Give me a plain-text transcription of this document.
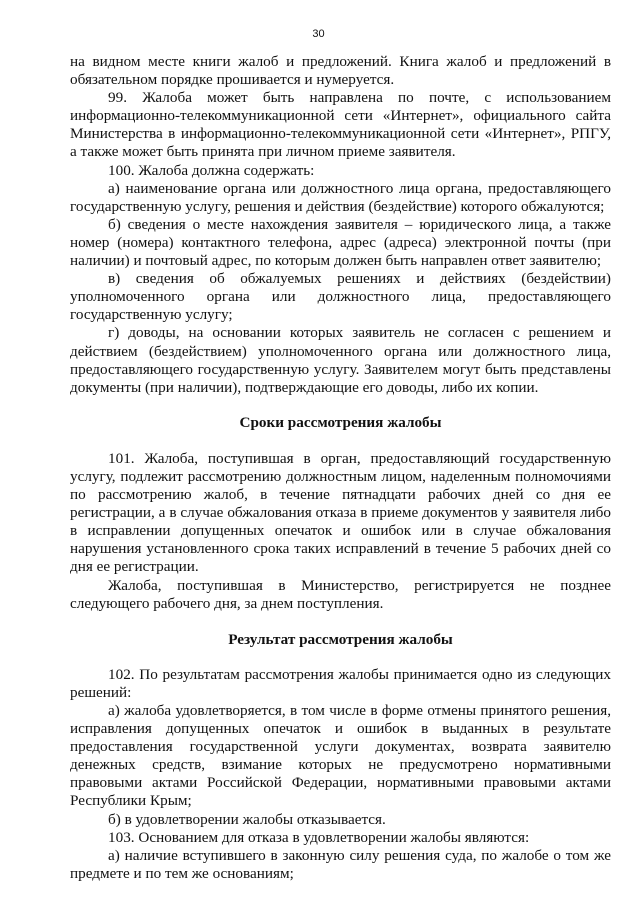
30

на видном месте книги жалоб и предложений. Книга жалоб и предложений в обязательном порядке прошивается и нумеруется.

99. Жалоба может быть направлена по почте, с использованием информационно-телекоммуникационной сети «Интернет», официального сайта Министерства в информационно-телекоммуникационной сети «Интернет», РПГУ, а также может быть принята при личном приеме заявителя.

100. Жалоба должна содержать:

а) наименование органа или должностного лица органа, предоставляющего государственную услугу, решения и действия (бездействие) которого обжалуются;

б) сведения о месте нахождения заявителя – юридического лица, а также номер (номера) контактного телефона, адрес (адреса) электронной почты (при наличии) и почтовый адрес, по которым должен быть направлен ответ заявителю;

в) сведения об обжалуемых решениях и действиях (бездействии) уполномоченного органа или должностного лица, предоставляющего государственную услугу;

г) доводы, на основании которых заявитель не согласен с решением и действием (бездействием) уполномоченного органа или должностного лица, предоставляющего государственную услугу. Заявителем могут быть представлены документы (при наличии), подтверждающие его доводы, либо их копии.

Сроки рассмотрения жалобы

101. Жалоба, поступившая в орган, предоставляющий государственную услугу, подлежит рассмотрению должностным лицом, наделенным полномочиями по рассмотрению жалоб, в течение пятнадцати рабочих дней со дня ее регистрации, а в случае обжалования отказа в приеме документов у заявителя либо в исправлении допущенных опечаток и ошибок или в случае обжалования нарушения установленного срока таких исправлений в течение 5 рабочих дней со дня ее регистрации.

Жалоба, поступившая в Министерство, регистрируется не позднее следующего рабочего дня, за днем поступления.

Результат рассмотрения жалобы

102. По результатам рассмотрения жалобы принимается одно из следующих решений:

а) жалоба удовлетворяется, в том числе в форме отмены принятого решения, исправления допущенных опечаток и ошибок в выданных в результате предоставления государственной услуги документах, возврата заявителю денежных средств, взимание которых не предусмотрено нормативными правовыми актами Российской Федерации, нормативными правовыми актами Республики Крым;

б) в удовлетворении жалобы отказывается.

103. Основанием для отказа в удовлетворении жалобы являются:

а) наличие вступившего в законную силу решения суда, по жалобе о том же предмете и по тем же основаниям;
